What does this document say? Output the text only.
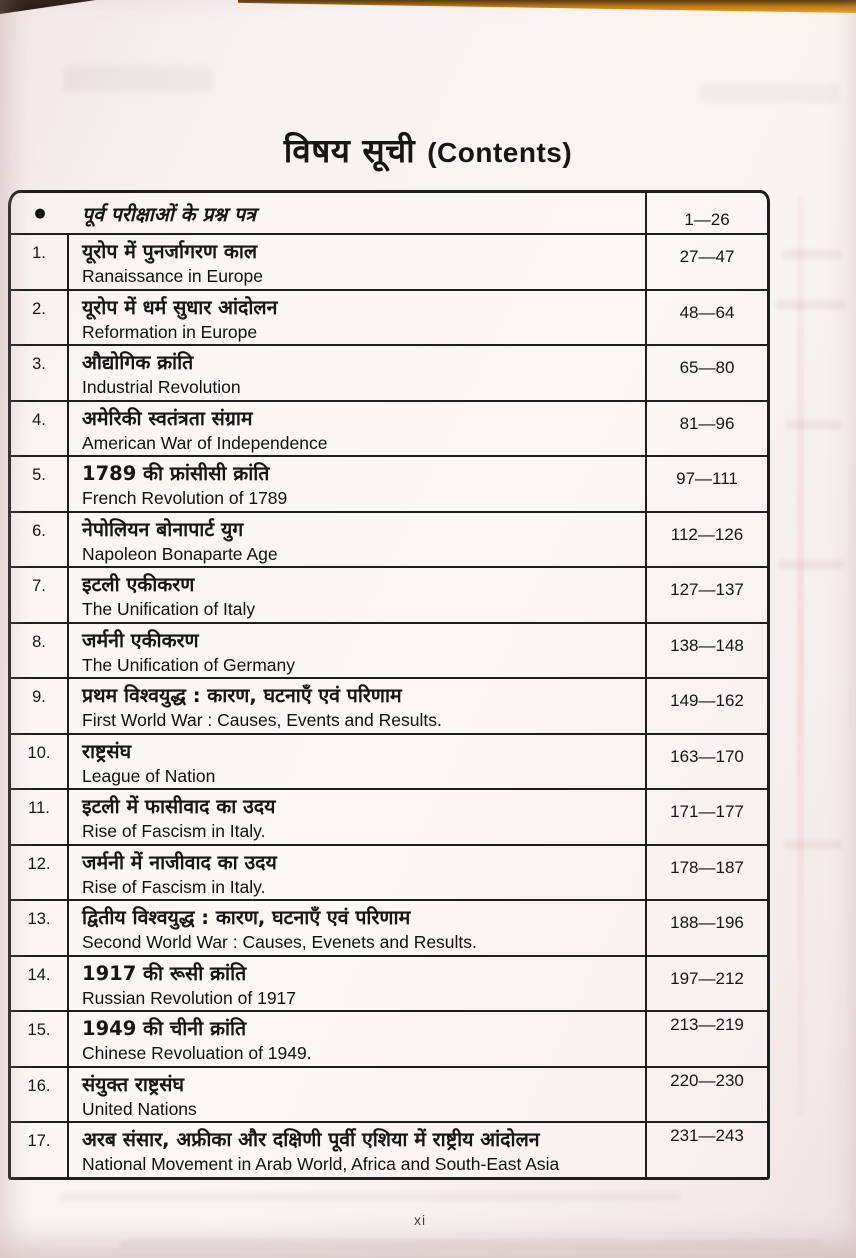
विषय सूची (Contents)
● पूर्व परीक्षाओं के प्रश्न पत्र	1—26
1. यूरोप में पुनर्जागरण काल
Ranaissance in Europe
27—47
2. यूरोप में धर्म सुधार आंदोलन
Reformation in Europe
48—64
3. औद्योगिक क्रांति
Industrial Revolution
65—80
4. अमेरिकी स्वतंत्रता संग्राम
American War of Independence
81—96
5. 1789 की फ्रांसीसी क्रांति
French Revolution of 1789
97—111
6. नेपोलियन बोनापार्ट युग
Napoleon Bonaparte Age
112—126
7. इटली एकीकरण
The Unification of Italy
127—137
8. जर्मनी एकीकरण
The Unification of Germany
138—148
9. प्रथम विश्वयुद्ध : कारण, घटनाएँ एवं परिणाम
First World War : Causes, Events and Results.
149—162
10. राष्ट्रसंघ
League of Nation
163—170
11. इटली में फासीवाद का उदय
Rise of Fascism in Italy.
171—177
12. जर्मनी में नाजीवाद का उदय
Rise of Fascism in Italy.
178—187
13. द्वितीय विश्वयुद्ध : कारण, घटनाएँ एवं परिणाम
Second World War : Causes, Evenets and Results.
188—196
14. 1917 की रूसी क्रांति
Russian Revolution of 1917
197—212
15. 1949 की चीनी क्रांति
Chinese Revoluation of 1949.
213—219
16. संयुक्त राष्ट्रसंघ
United Nations
220—230
17. अरब संसार, अफ्रीका और दक्षिणी पूर्वी एशिया में राष्ट्रीय आंदोलन
National Movement in Arab World, Africa and South-East Asia
231—243
xi
